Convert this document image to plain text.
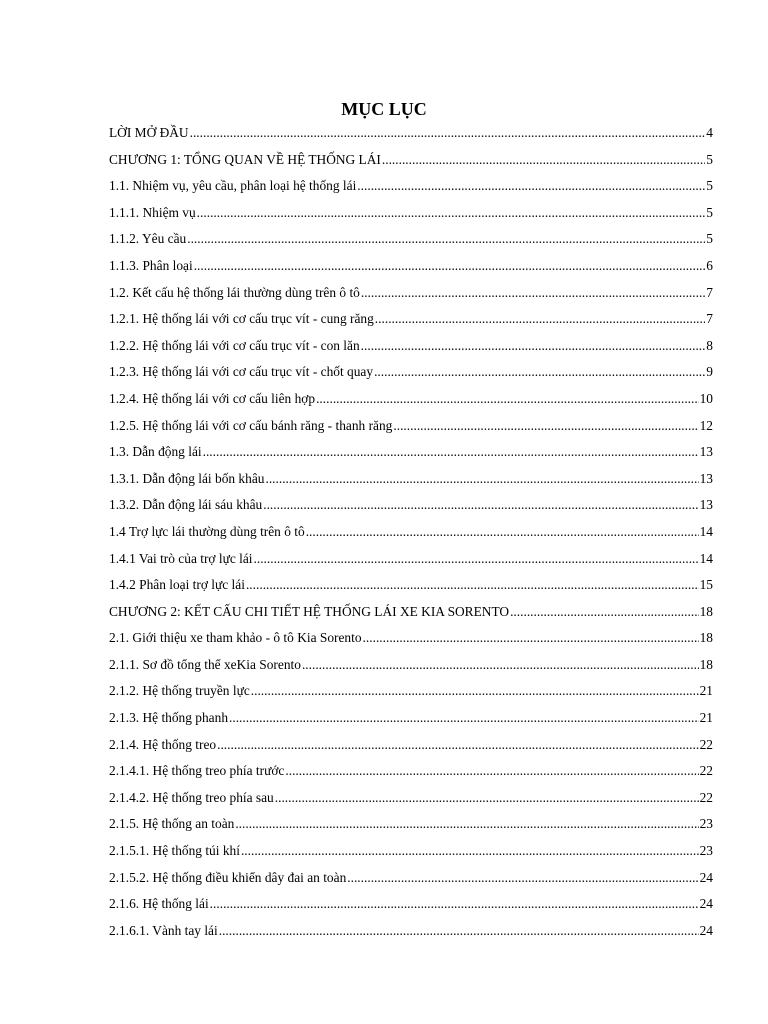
MỤC LỤC
LỜI MỞ ĐẦU .....	4
CHƯƠNG 1: TỔNG QUAN VỀ HỆ THỐNG LÁI .....	5
1.1. Nhiệm vụ, yêu cầu, phân loại hệ thống lái .....	5
1.1.1. Nhiệm vụ .....	5
1.1.2. Yêu cầu .....	5
1.1.3. Phân loại .....	6
1.2. Kết cấu hệ thống lái thường dùng trên ô tô .....	7
1.2.1. Hệ thống lái với cơ cấu trục vít - cung răng .....	7
1.2.2. Hệ thống lái với cơ cấu trục vít - con lăn .....	8
1.2.3. Hệ thống lái với cơ cấu trục vít - chốt quay .....	9
1.2.4. Hệ thống lái với cơ cấu liên hợp .....	10
1.2.5. Hệ thống lái với cơ cấu bánh răng - thanh răng .....	12
1.3. Dẫn động lái .....	13
1.3.1. Dẫn động lái bốn khâu .....	13
1.3.2. Dẫn động lái sáu khâu .....	13
1.4 Trợ lực lái thường dùng trên ô tô .....	14
1.4.1 Vai trò của trợ lực lái .....	14
1.4.2 Phân loại trợ lực lái .....	15
CHƯƠNG 2: KẾT CẤU CHI TIẾT HỆ THỐNG LÁI XE KIA SORENTO .....	18
2.1. Giới thiệu xe tham khảo - ô tô Kia Sorento .....	18
2.1.1. Sơ đồ tổng thể xeKia Sorento .....	18
2.1.2. Hệ thống truyền lực .....	21
2.1.3. Hệ thống phanh .....	21
2.1.4. Hệ thống treo .....	22
2.1.4.1. Hệ thống treo phía trước .....	22
2.1.4.2. Hệ thống treo phía sau .....	22
2.1.5. Hệ thống an toàn .....	23
2.1.5.1. Hệ thống túi khí .....	23
2.1.5.2. Hệ thống điều khiển dây đai an toàn .....	24
2.1.6. Hệ thống lái .....	24
2.1.6.1. Vành tay lái .....	24
